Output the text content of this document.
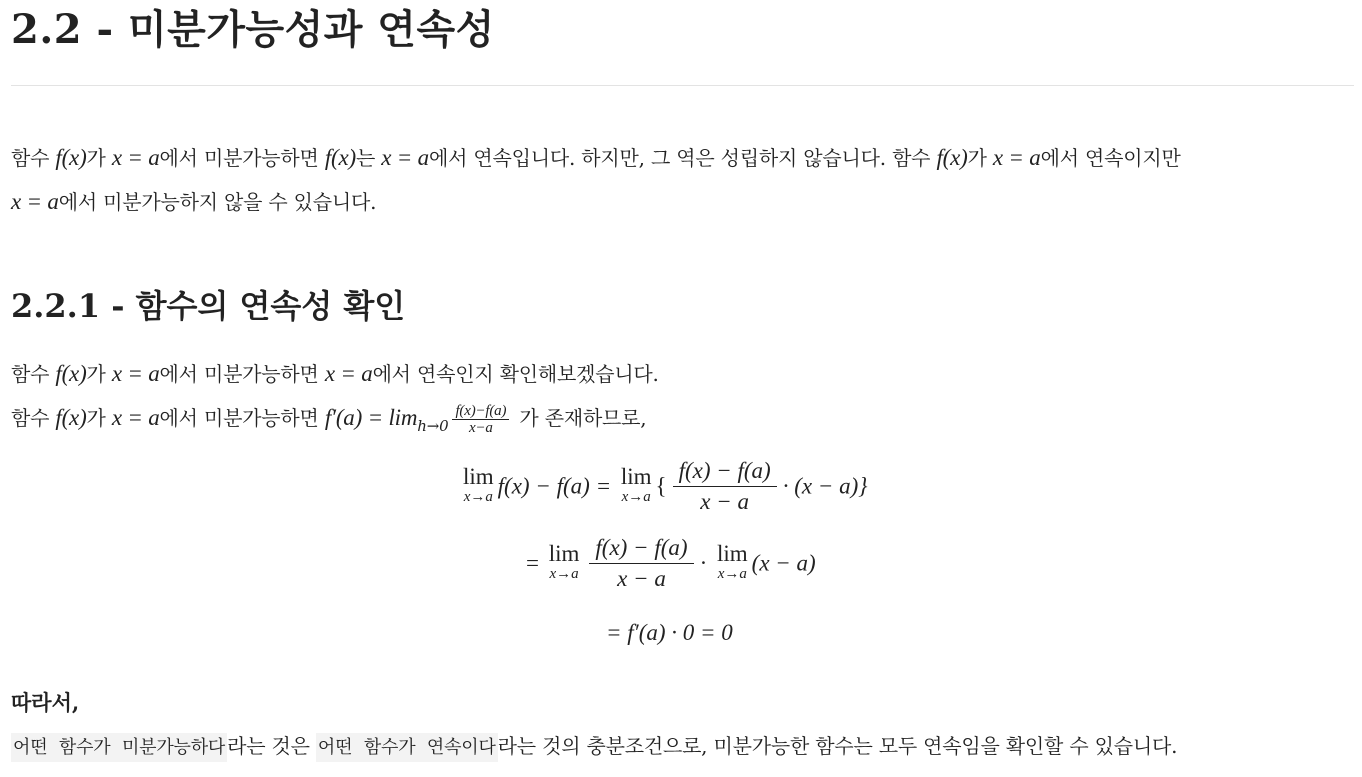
2.2 - 미분가능성과 연속성

함수 f(x)가 x = a에서 미분가능하면 f(x)는 x = a에서 연속입니다. 하지만, 그 역은 성립하지 않습니다. 함수 f(x)가 x = a에서 연속이지만

x = a에서 미분가능하지 않을 수 있습니다.

2.2.1 - 함수의 연속성 확인

함수 f(x)가 x = a에서 미분가능하면 x = a에서 연속인지 확인해보겠습니다.

함수 f(x)가 x = a에서 미분가능하면 $f'(a) = \lim_{h\to 0} \frac{f(x)-f(a)}{x-a}$ 가 존재하므로,

lim
x→a f(x) − f(a) = lim
x→a { $\frac{f(x) - f(a)}{x - a} \cdot (x - a)$}
= lim
$x\to a \frac{f(x) - f(a)}{x - a} \cdot \lim$
x→a (x − a)
= f′(a) · 0 = 0

따라서,

어떤 함수가 미분가능하다 라는 것은 어떤 함수가 연속이다 라는 것의 충분조건으로, 미분가능한 함수는 모두 연속임을 확인할 수 있습니다.
